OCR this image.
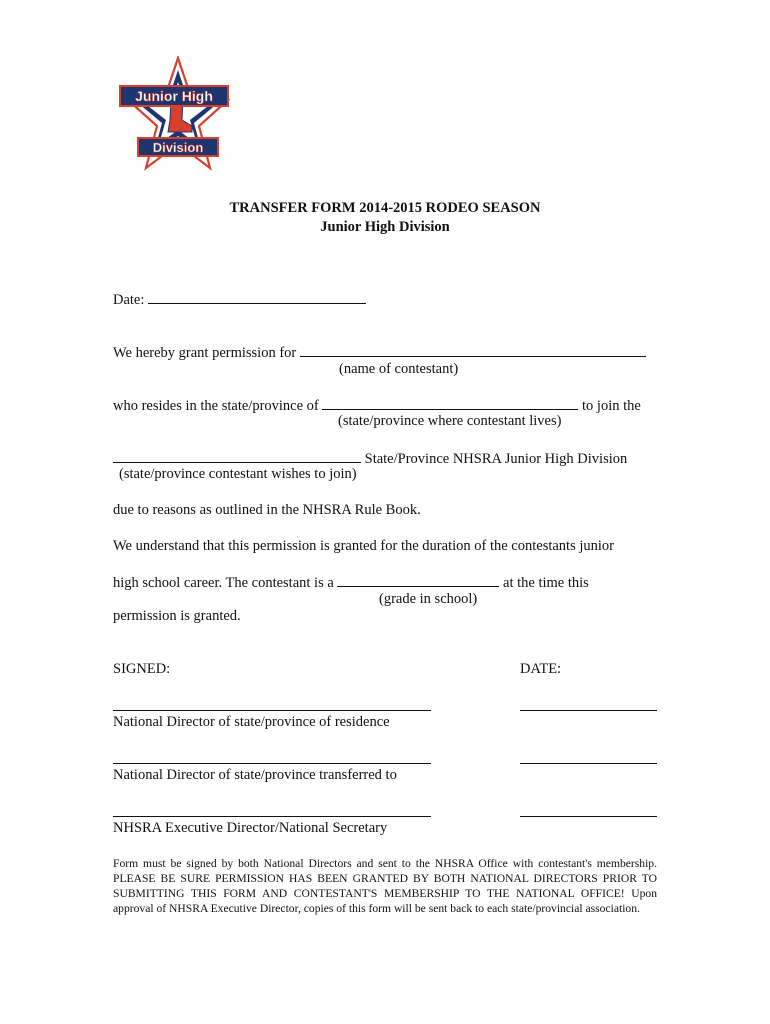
Junior High
Division
TRANSFER FORM 2014-2015 RODEO SEASON
Junior High Division
Date:
We hereby grant permission for
(name of contestant)
who resides in the state/province of	to join the
(state/province where contestant lives)
State/Province NHSRA Junior High Division
(state/province contestant wishes to join)
due to reasons as outlined in the NHSRA Rule Book.
We understand that this permission is granted for the duration of the contestants junior
high school career. The contestant is a	at the time this
(grade in school)
permission is granted.
SIGNED:	DATE:
National Director of state/province of residence
National Director of state/province transferred to
NHSRA Executive Director/National Secretary
Form must be signed by both National Directors and sent to the NHSRA Office with contestant's membership. PLEASE BE SURE PERMISSION HAS BEEN GRANTED BY BOTH NATIONAL DIRECTORS PRIOR TO SUBMITTING THIS FORM AND CONTESTANT'S MEMBERSHIP TO THE NATIONAL OFFICE! Upon approval of NHSRA Executive Director, copies of this form will be sent back to each state/provincial association.
